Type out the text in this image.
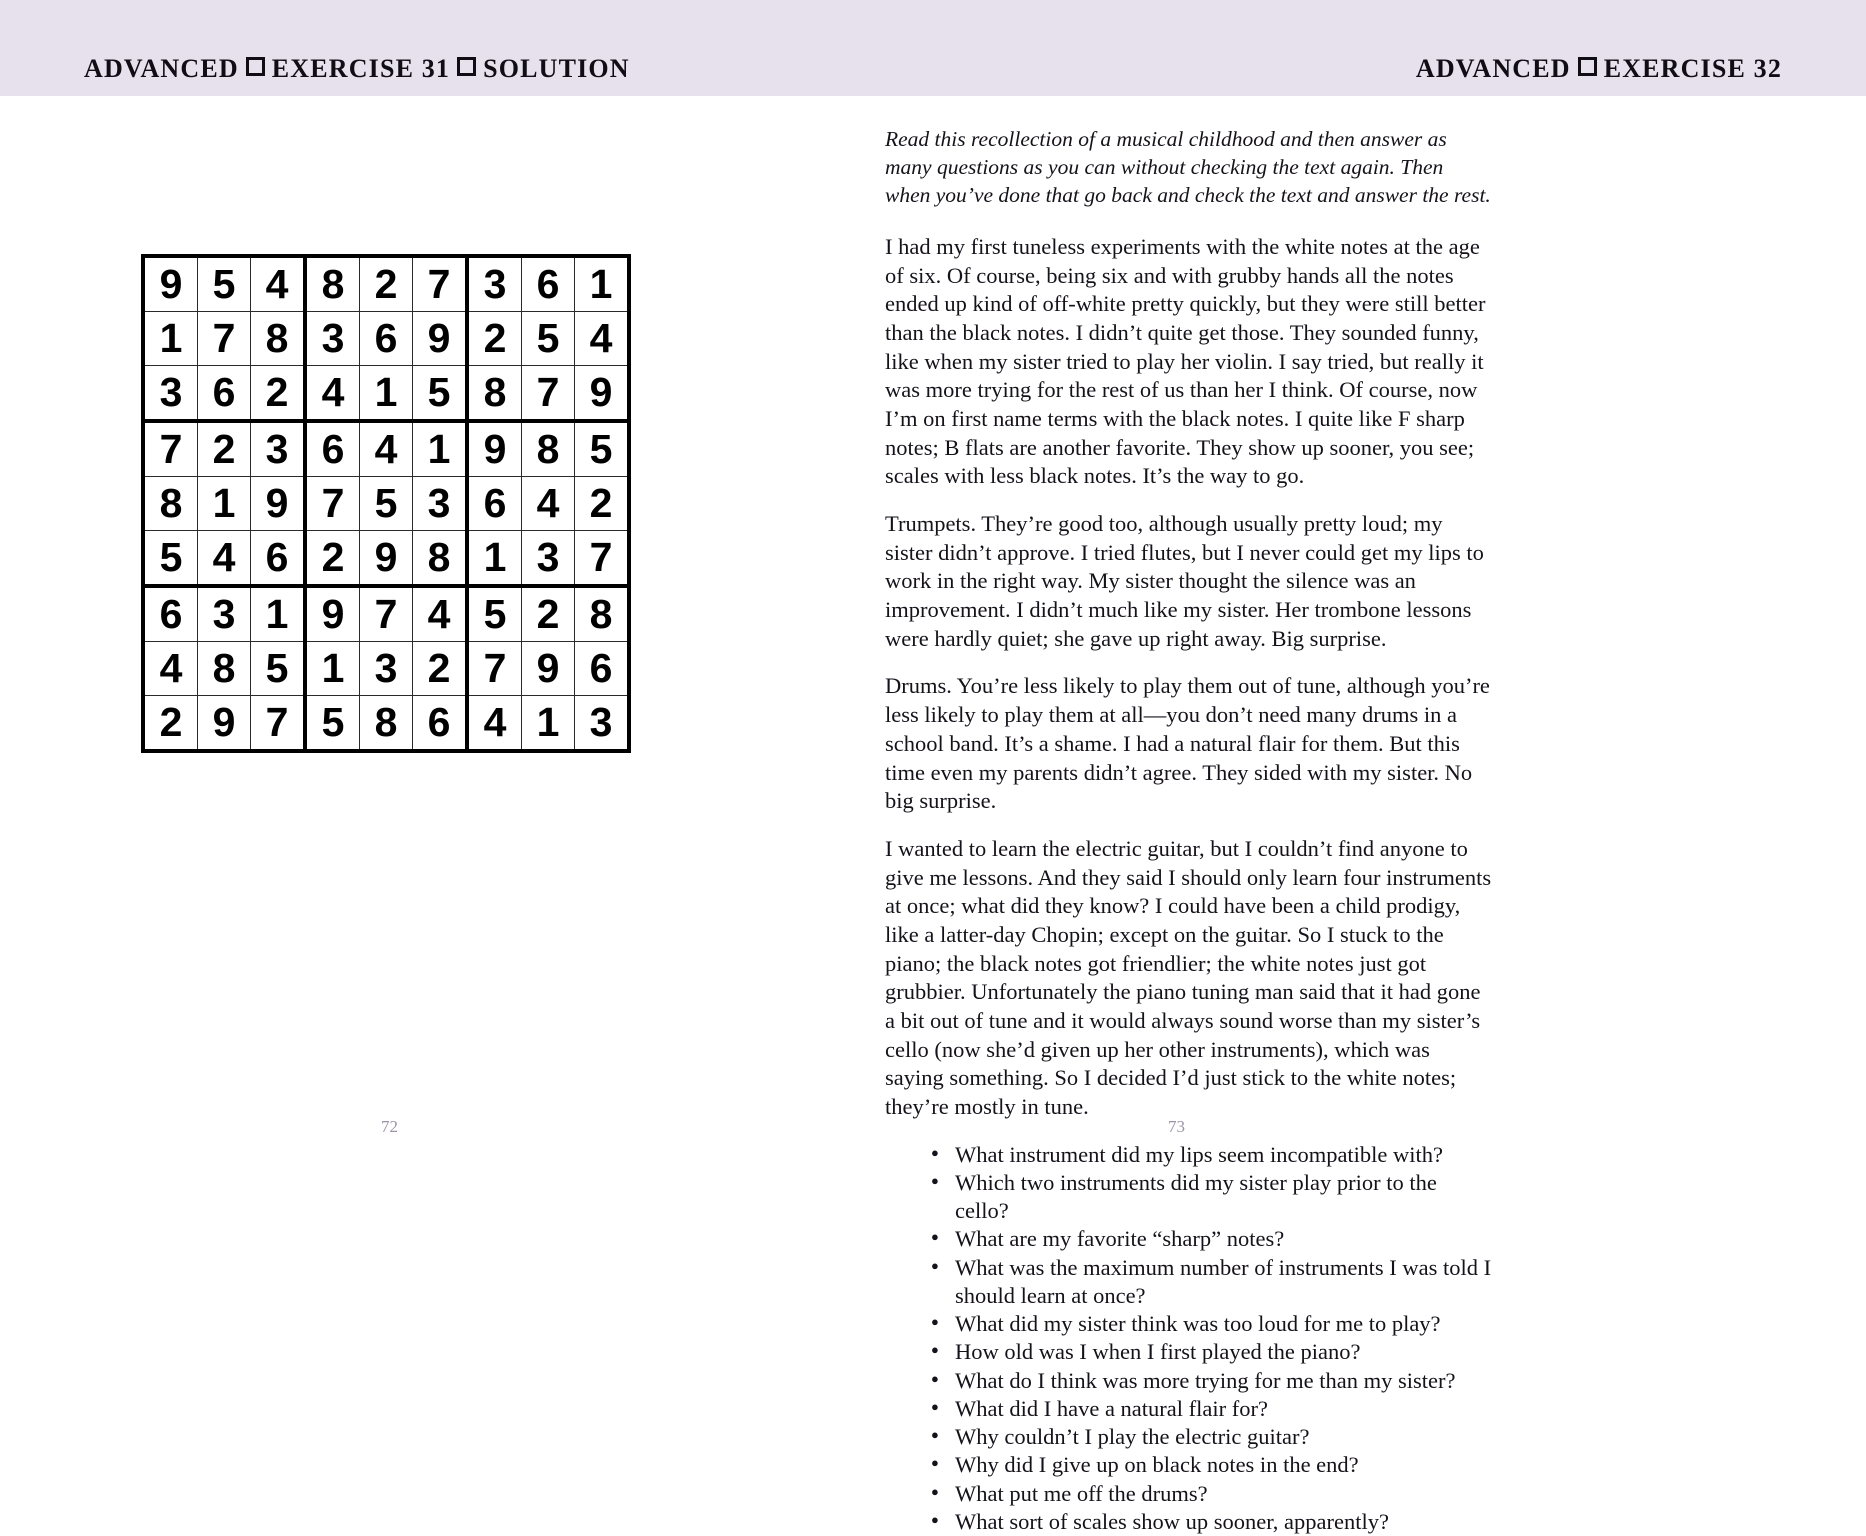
ADVANCED EXERCISE 31 SOLUTION	ADVANCED EXERCISE 32
9	5	4	8	2	7	3	6	1
1	7	8	3	6	9	2	5	4
3	6	2	4	1	5	8	7	9
7	2	3	6	4	1	9	8	5
8	1	9	7	5	3	6	4	2
5	4	6	2	9	8	1	3	7
6	3	1	9	7	4	5	2	8
4	8	5	1	3	2	7	9	6
2	9	7	5	8	6	4	1	3

Read this recollection of a musical childhood and then answer as many questions as you can without checking the text again. Then when you’ve done that go back and check the text and answer the rest.

I had my first tuneless experiments with the white notes at the age of six. Of course, being six and with grubby hands all the notes ended up kind of off-white pretty quickly, but they were still better than the black notes. I didn’t quite get those. They sounded funny, like when my sister tried to play her violin. I say tried, but really it was more trying for the rest of us than her I think. Of course, now I’m on first name terms with the black notes. I quite like F sharp notes; B flats are another favorite. They show up sooner, you see; scales with less black notes. It’s the way to go.

Trumpets. They’re good too, although usually pretty loud; my sister didn’t approve. I tried flutes, but I never could get my lips to work in the right way. My sister thought the silence was an improvement. I didn’t much like my sister. Her trombone lessons were hardly quiet; she gave up right away. Big surprise.

Drums. You’re less likely to play them out of tune, although you’re less likely to play them at all—you don’t need many drums in a school band. It’s a shame. I had a natural flair for them. But this time even my parents didn’t agree. They sided with my sister. No big surprise.

I wanted to learn the electric guitar, but I couldn’t find anyone to give me lessons. And they said I should only learn four instruments at once; what did they know? I could have been a child prodigy, like a latter-day Chopin; except on the guitar. So I stuck to the piano; the black notes got friendlier; the white notes just got grubbier. Unfortunately the piano tuning man said that it had gone a bit out of tune and it would always sound worse than my sister’s cello (now she’d given up her other instruments), which was saying something. So I decided I’d just stick to the white notes; they’re mostly in tune.

● What instrument did my lips seem incompatible with?
● Which two instruments did my sister play prior to the cello?
● What are my favorite “sharp” notes?
● What was the maximum number of instruments I was told I should learn at once?
● What did my sister think was too loud for me to play?
● How old was I when I first played the piano?
● What do I think was more trying for me than my sister?
● What did I have a natural flair for?
● Why couldn’t I play the electric guitar?
● Why did I give up on black notes in the end?
● What put me off the drums?
● What sort of scales show up sooner, apparently?
72	73
